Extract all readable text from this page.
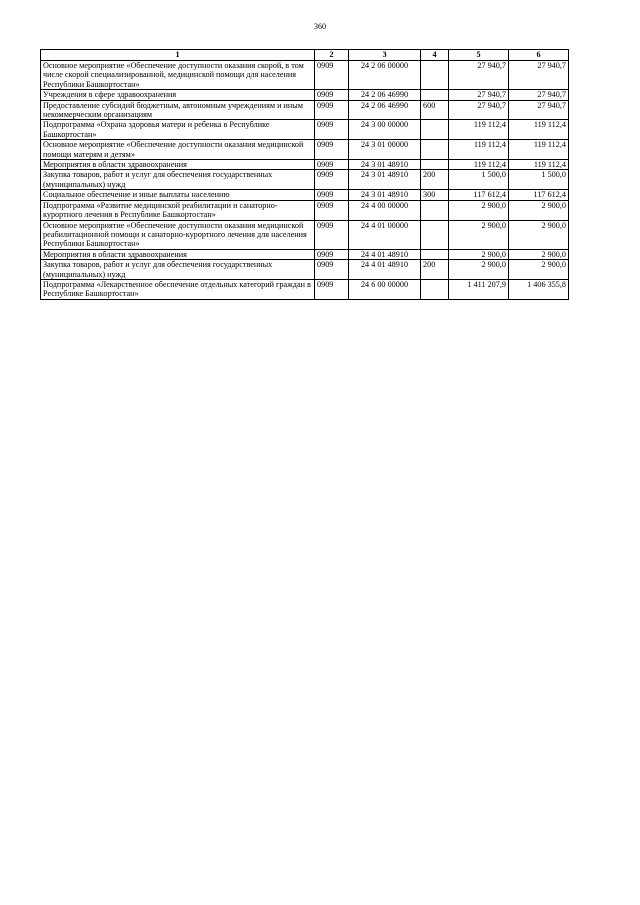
360
1	2	3	4	5	6
Основное мероприятие «Обеспечение доступности оказания скорой, в том числе скорой специализированной, медицинской помощи для населения Республики Башкортостан»	0909	24 2 06 00000		27 940,7	27 940,7
Учреждения в сфере здравоохранения	0909	24 2 06 46990		27 940,7	27 940,7
Предоставление субсидий бюджетным, автономным учреждениям и иным некоммерческим организациям	0909	24 2 06 46990	600	27 940,7	27 940,7
Подпрограмма «Охрана здоровья матери и ребенка в Республике Башкортостан»	0909	24 3 00 00000		119 112,4	119 112,4
Основное мероприятие «Обеспечение доступности оказания медицинской помощи матерям и детям»	0909	24 3 01 00000		119 112,4	119 112,4
Мероприятия в области здравоохранения	0909	24 3 01 48910		119 112,4	119 112,4
Закупка товаров, работ и услуг для обеспечения государственных (муниципальных) нужд	0909	24 3 01 48910	200	1 500,0	1 500,0
Социальное обеспечение и иные выплаты населению	0909	24 3 01 48910	300	117 612,4	117 612,4
Подпрограмма «Развитие медицинской реабилитации и санаторно-курортного лечения в Республике Башкортостан»	0909	24 4 00 00000		2 900,0	2 900,0
Основное мероприятие «Обеспечение доступности оказания медицинской реабилитационной помощи и санаторно-курортного лечения для населения Республики Башкортостан»	0909	24 4 01 00000		2 900,0	2 900,0
Мероприятия в области здравоохранения	0909	24 4 01 48910		2 900,0	2 900,0
Закупка товаров, работ и услуг для обеспечения государственных (муниципальных) нужд	0909	24 4 01 48910	200	2 900,0	2 900,0
Подпрограмма «Лекарственное обеспечение отдельных категорий граждан в Республике Башкортостан»	0909	24 6 00 00000		1 411 207,9	1 406 355,8
